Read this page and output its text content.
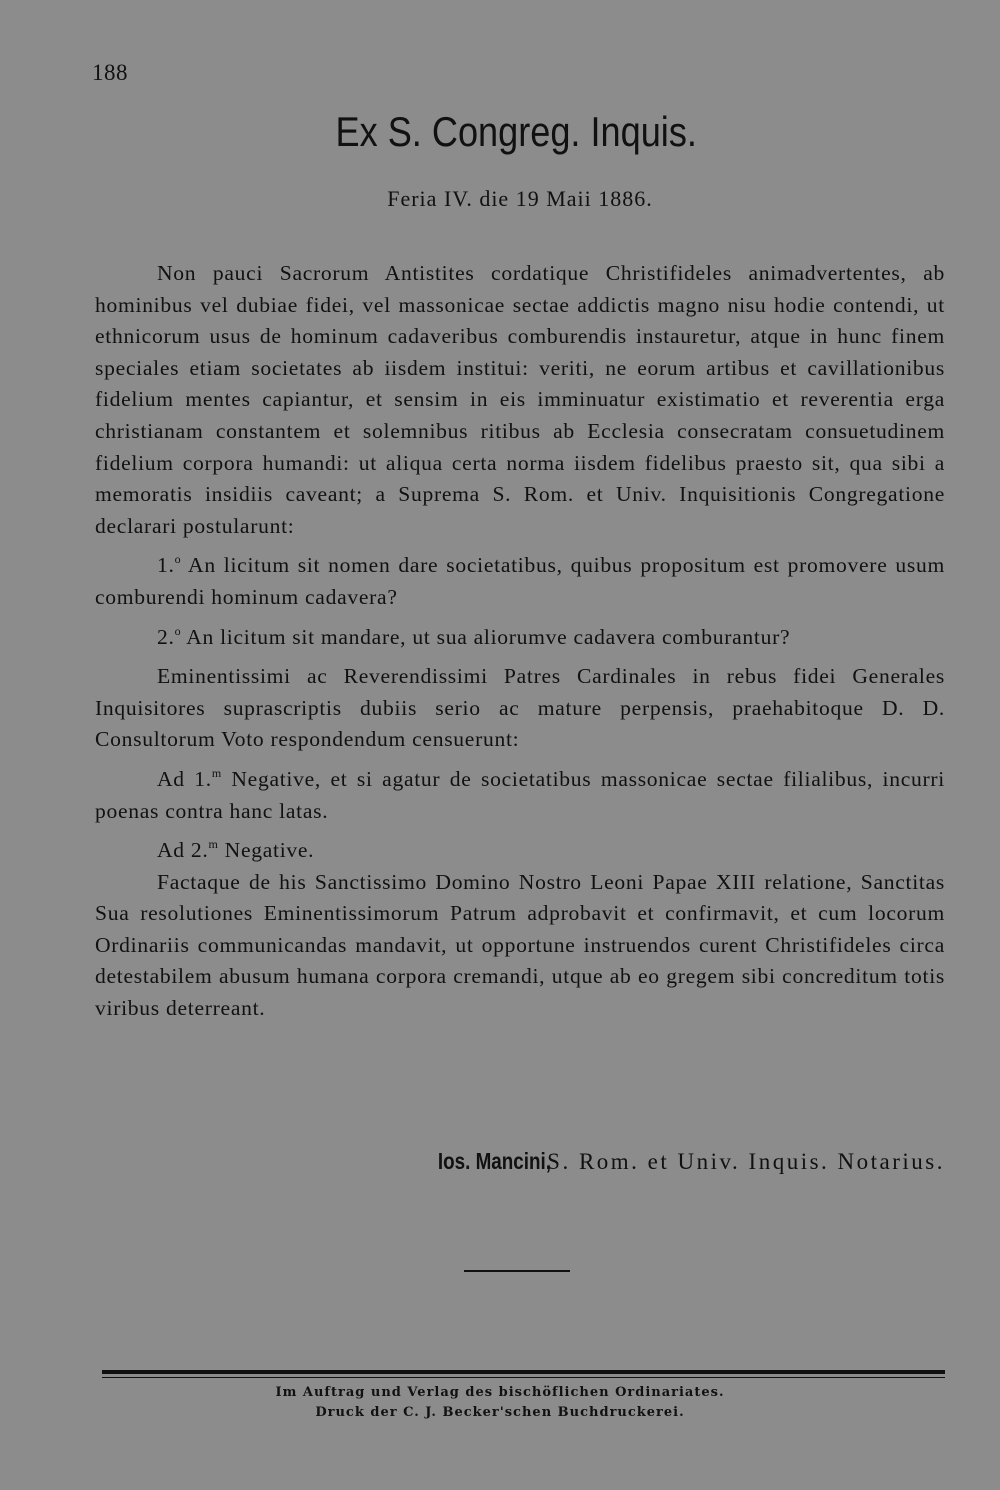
188
Ex S. Congreg. Inquis.
Feria IV. die 19 Maii 1886.

Non pauci Sacrorum Antistites cordatique Christifideles animadvertentes, ab hominibus vel dubiae fidei, vel massonicae sectae addictis magno nisu hodie contendi, ut ethnicorum usus de hominum cadaveribus comburendis instauretur, atque in hunc finem speciales etiam societates ab iisdem institui: veriti, ne eorum artibus et cavillationibus fidelium mentes capiantur, et sensim in eis imminuatur existimatio et reverentia erga christianam constantem et solemnibus ritibus ab Ecclesia consecratam consuetudinem fidelium corpora humandi: ut aliqua certa norma iisdem fidelibus praesto sit, qua sibi a memoratis insidiis caveant; a Suprema S. Rom. et Univ. Inquisitionis Congregatione declarari postularunt:

1.$^o$ An licitum sit nomen dare societatibus, quibus propositum est promovere usum comburendi hominum cadavera?

2.$^o$ An licitum sit mandare, ut sua aliorumve cadavera comburantur?

Eminentissimi ac Reverendissimi Patres Cardinales in rebus fidei Generales Inquisitores suprascriptis dubiis serio ac mature perpensis, praehabitoque D. D. Consultorum Voto respondendum censuerunt:

Ad 1.$^m$ Negative, et si agatur de societatibus massonicae sectae filialibus, incurri poenas contra hanc latas.

Ad 2.$^m$ Negative.

Factaque de his Sanctissimo Domino Nostro Leoni Papae XIII relatione, Sanctitas Sua resolutiones Eminentissimorum Patrum adprobavit et confirmavit, et cum locorum Ordinariis communicandas mandavit, ut opportune instruendos curent Christifideles circa detestabilem abusum humana corpora cremandi, utque ab eo gregem sibi concreditum totis viribus deterreant.

Ios. Mancini, S. Rom. et Univ. Inquis. Notarius.
Im Auftrag und Verlag des bischöflichen Ordinariates.
Druck der C. J. Becker'schen Buchdruckerei.
